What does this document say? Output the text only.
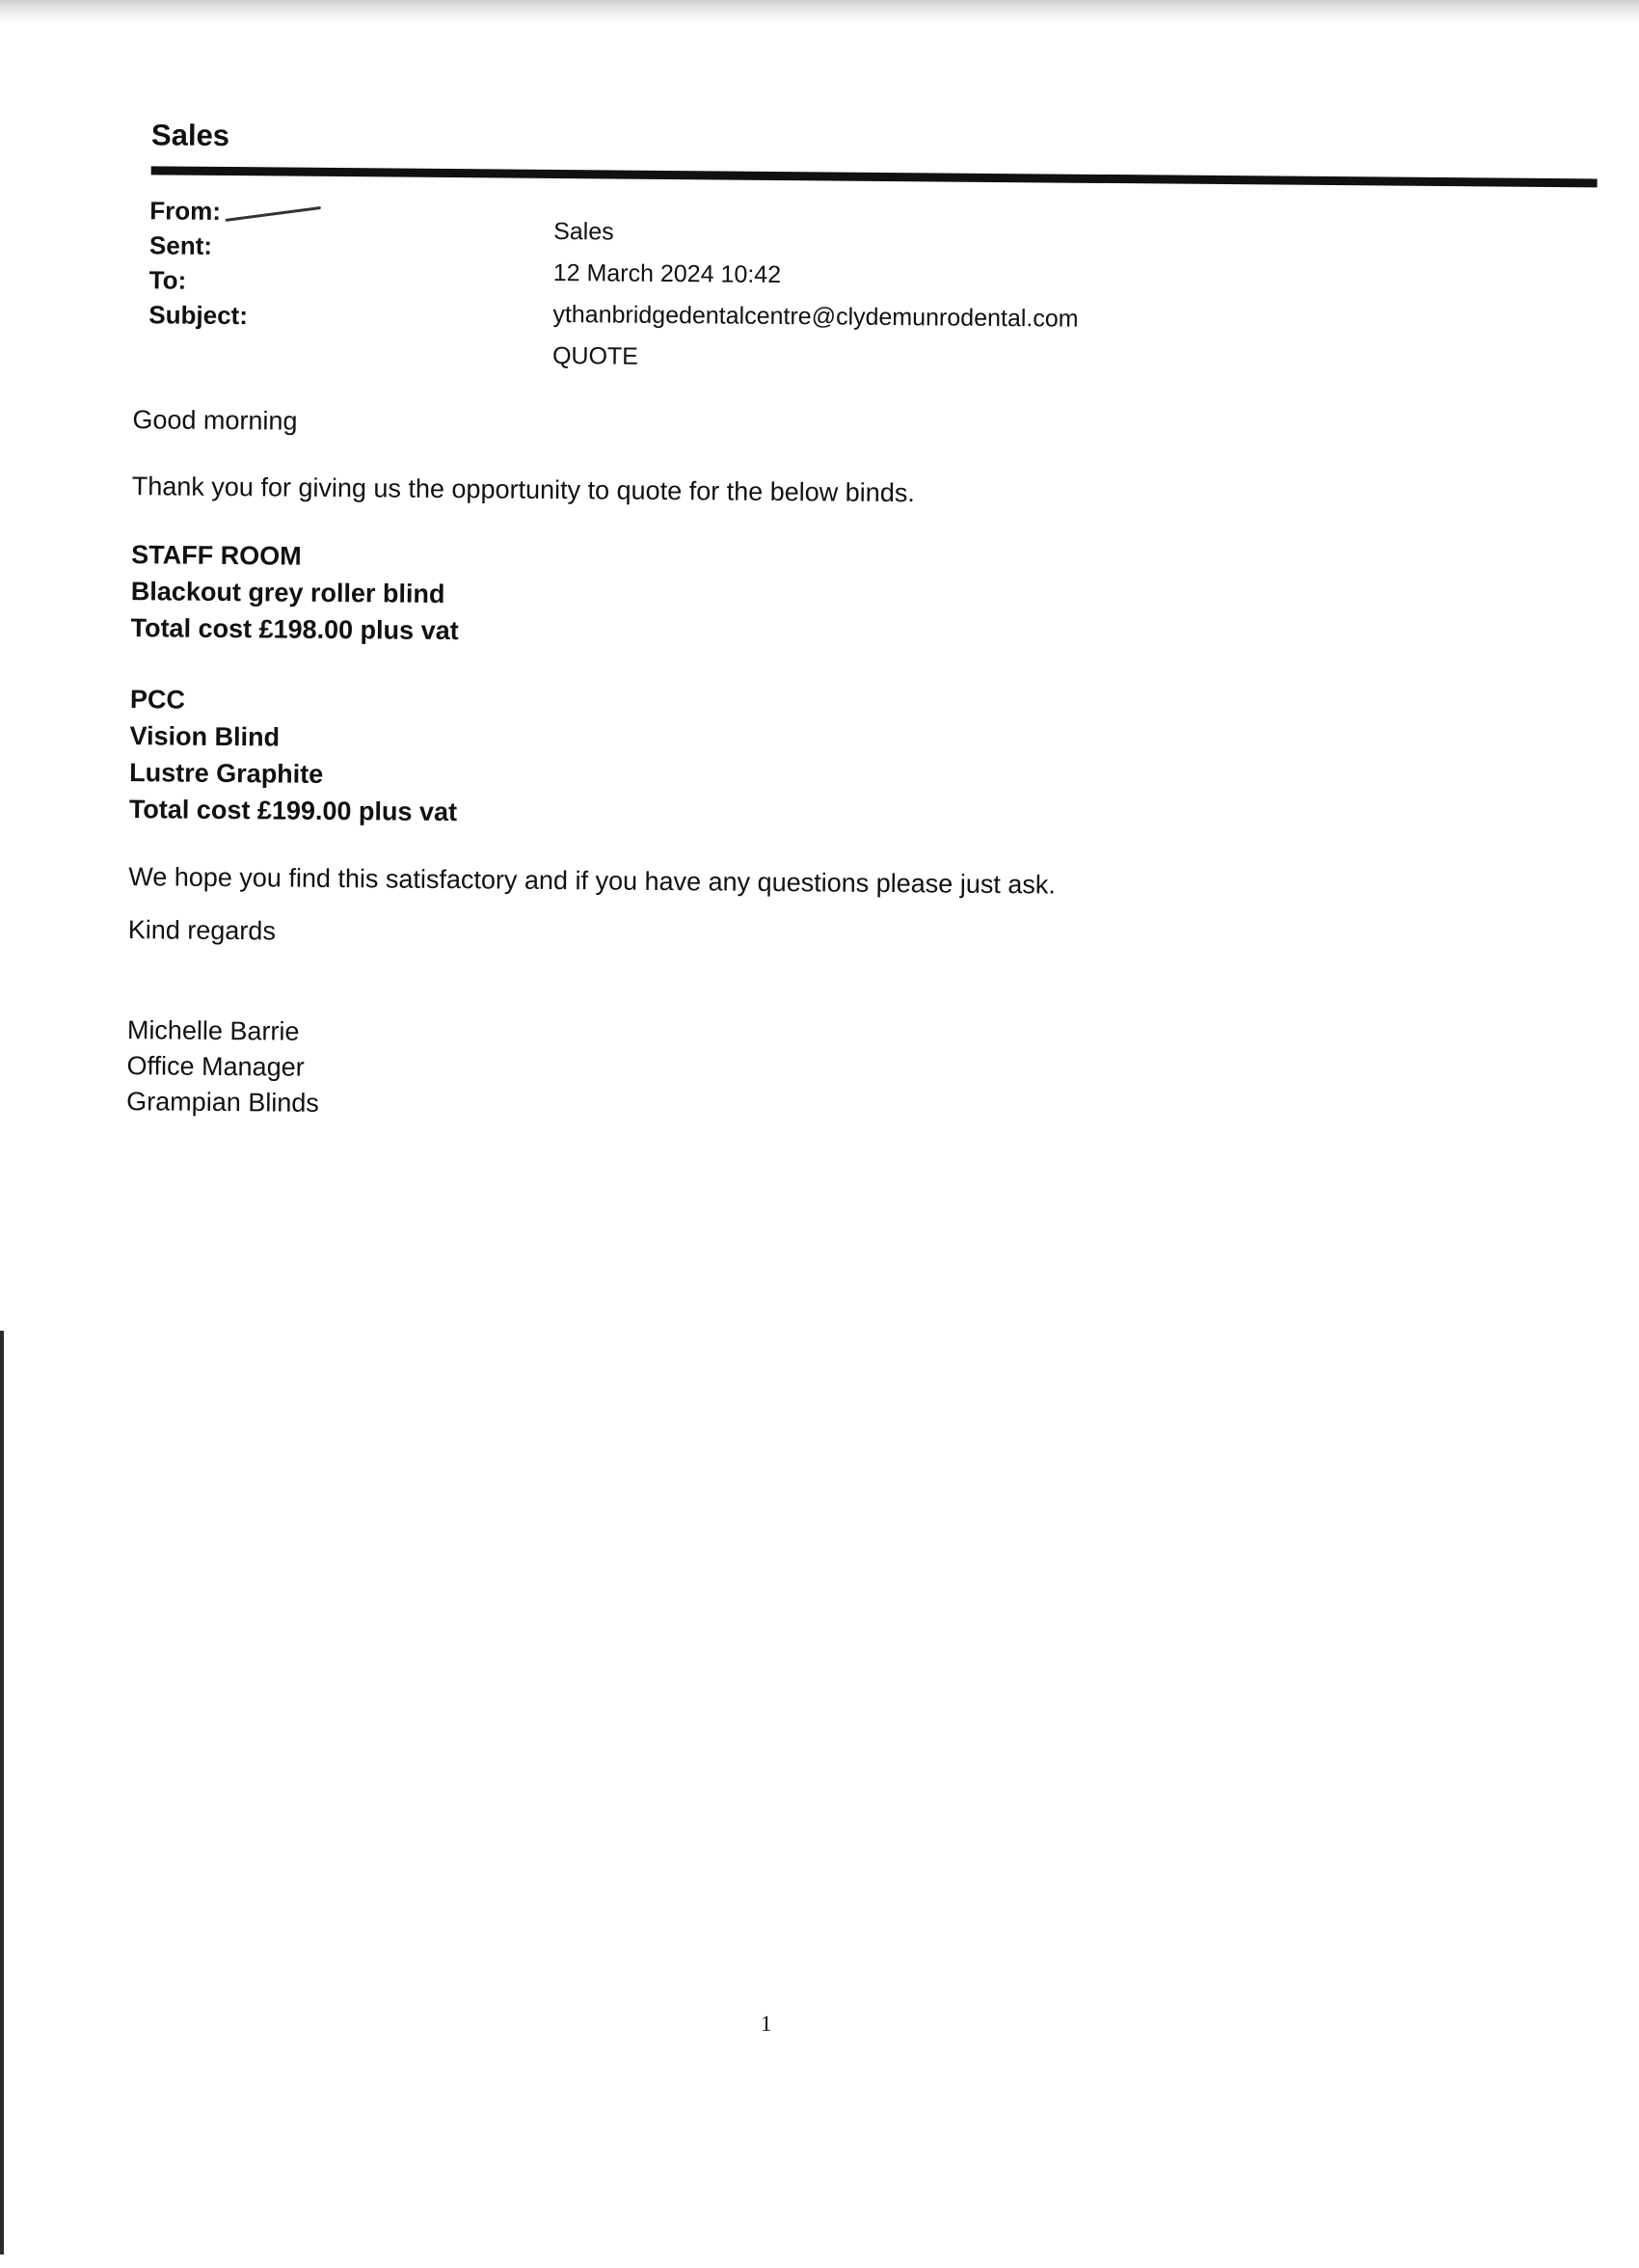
Sales
From:
Sent:
To:
Subject:
Sales
12 March 2024 10:42
ythanbridgedentalcentre@clydemunrodental.com
QUOTE

Good morning

Thank you for giving us the opportunity to quote for the below binds.

STAFF ROOM
Blackout grey roller blind
Total cost £198.00 plus vat
PCC
Vision Blind
Lustre Graphite
Total cost £199.00 plus vat

We hope you find this satisfactory and if you have any questions please just ask.

Kind regards

Michelle Barrie
Office Manager
Grampian Blinds
1
